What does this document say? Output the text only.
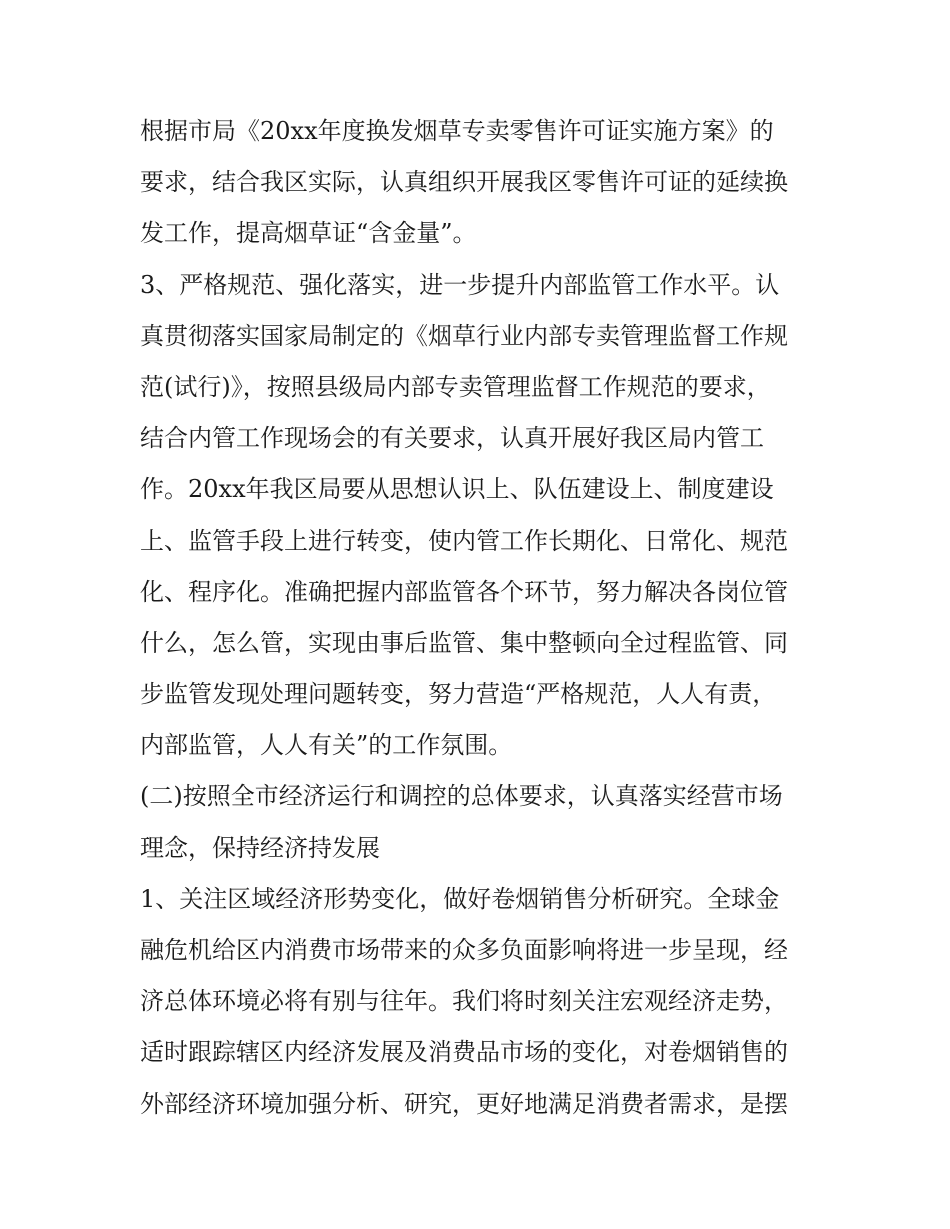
根据市局《20xx年度换发烟草专卖零售许可证实施方案》的
要求，结合我区实际，认真组织开展我区零售许可证的延续换
发工作，提高烟草证“含金量”。
3、严格规范、强化落实，进一步提升内部监管工作水平。认
真贯彻落实国家局制定的《烟草行业内部专卖管理监督工作规
范(试行)》，按照县级局内部专卖管理监督工作规范的要求，
结合内管工作现场会的有关要求，认真开展好我区局内管工
作。20xx年我区局要从思想认识上、队伍建设上、制度建设
上、监管手段上进行转变，使内管工作长期化、日常化、规范
化、程序化。准确把握内部监管各个环节，努力解决各岗位管
什么，怎么管，实现由事后监管、集中整顿向全过程监管、同
步监管发现处理问题转变，努力营造“严格规范，人人有责，
内部监管，人人有关”的工作氛围。
(二)按照全市经济运行和调控的总体要求，认真落实经营市场
理念，保持经济持发展
1、关注区域经济形势变化，做好卷烟销售分析研究。全球金
融危机给区内消费市场带来的众多负面影响将进一步呈现，经
济总体环境必将有别与往年。我们将时刻关注宏观经济走势，
适时跟踪辖区内经济发展及消费品市场的变化，对卷烟销售的
外部经济环境加强分析、研究，更好地满足消费者需求，是摆
